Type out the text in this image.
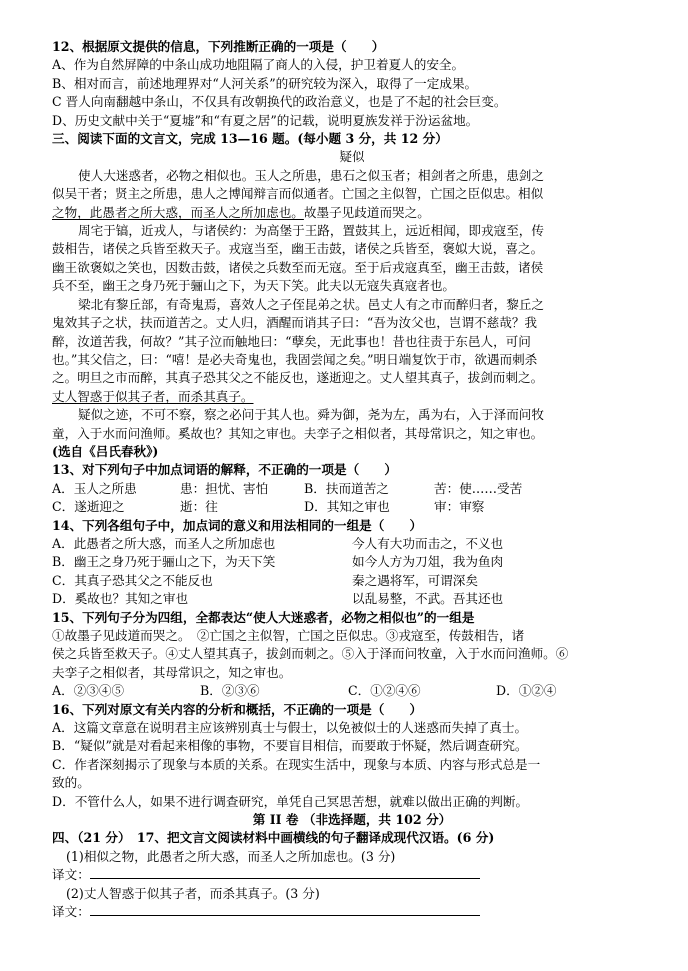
12、根据原文提供的信息，下列推断正确的一项是（　　）
A、作为自然屏障的中条山成功地阻隔了商人的入侵，护卫着夏人的安全。
B、相对而言，前述地理界对“人河关系”的研究较为深入，取得了一定成果。
C 晋人向南翻越中条山，不仅具有改朝换代的政治意义，也是了不起的社会巨变。
D、历史文献中关于“夏墟”和“有夏之居”的记载，说明夏族发祥于汾运盆地。
三、阅读下面的文言文，完成 13—16 题。(每小题 3 分，共 12 分）
疑似
使人大迷惑者，必物之相似也。玉人之所患，患石之似玉者；相剑者之所患，患剑之
似吴干者；贤主之所患，患人之博闻辩言而似通者。亡国之主似智，亡国之臣似忠。相似
之物，此愚者之所大惑，而圣人之所加虑也。故墨子见歧道而哭之。
周宅于镐，近戎人，与诸侯约：为高堡于王路，置鼓其上，远近相闻，即戎寇至，传
鼓相告，诸侯之兵皆至救天子。戎寇当至，幽王击鼓，诸侯之兵皆至，褒姒大说，喜之。
幽王欲褒姒之笑也，因数击鼓，诸侯之兵数至而无寇。至于后戎寇真至，幽王击鼓，诸侯
兵不至，幽王之身乃死于骊山之下，为天下笑。此夫以无寇失真寇者也。
梁北有黎丘部，有奇鬼焉，喜效人之子侄昆弟之状。邑丈人有之市而醉归者，黎丘之
鬼效其子之状，扶而道苦之。丈人归，酒醒而诮其子曰：“吾为汝父也，岂谓不慈哉？我
醉，汝道苦我，何故？”其子泣而触地曰：“孽矣，无此事也！昔也往责于东邑人，可问
也。”其父信之，曰：“嘻！是必夫奇鬼也，我固尝闻之矣。”明日端复饮于市，欲遇而刺杀
之。明旦之市而醉，其真子恐其父之不能反也，遂逝迎之。丈人望其真子，拔剑而刺之。
丈人智惑于似其子者，而杀其真子。
疑似之迹，不可不察，察之必问于其人也。舜为御，尧为左，禹为右，入于泽而问牧
童，入于水而问渔师。奚故也？其知之审也。夫孪子之相似者，其母常识之，知之审也。
(选自《吕氏春秋》)
13、对下列句子中加点词语的解释，不正确的一项是（　　）
A．玉人之所患	患：担忧、害怕	B．扶而道苦之	苦：使……受苦
C．遂逝迎之	逝：往	D．其知之审也	审：审察
14、下列各组句子中，加点词的意义和用法相同的一组是（　　）
A．此愚者之所大惑，而圣人之所加虑也	今人有大功而击之，不义也
B．幽王之身乃死于骊山之下，为天下笑	如今人方为刀俎，我为鱼肉
C．其真子恐其父之不能反也	秦之遇将军，可谓深矣
D．奚故也？其知之审也	以乱易整，不武。吾其还也
15、下列句子分为四组，全都表达“使人大迷惑者，必物之相似也”的一组是
①故墨子见歧道而哭之。　②亡国之主似智，亡国之臣似忠。③戎寇至，传鼓相告，诸
侯之兵皆至救天子。④丈人望其真子，拔剑而刺之。⑤入于泽而问牧童，入于水而问渔师。⑥
夫孪子之相似者，其母常识之，知之审也。
A．②③④⑤	B．②③⑥	C．①②④⑥	D．①②④
16、下列对原文有关内容的分析和概括，不正确的一项是（　　）
A．这篇文章意在说明君主应该辨别真士与假士，以免被似士的人迷惑而失掉了真士。
B．“疑似”就是对看起来相像的事物，不要盲目相信，而要敢于怀疑，然后调查研究。
C．作者深刻揭示了现象与本质的关系。在现实生活中，现象与本质、内容与形式总是一
致的。
D．不管什么人，如果不进行调查研究，单凭自己冥思苦想，就难以做出正确的判断。
第 II 卷 （非选择题，共 102 分）
四、（21 分）　17、把文言文阅读材料中画横线的句子翻译成现代汉语。(6 分)
(1)相似之物，此愚者之所大惑，而圣人之所加虑也。(3 分)
译文：
(2)丈人智惑于似其子者，而杀其真子。(3 分)
译文：
